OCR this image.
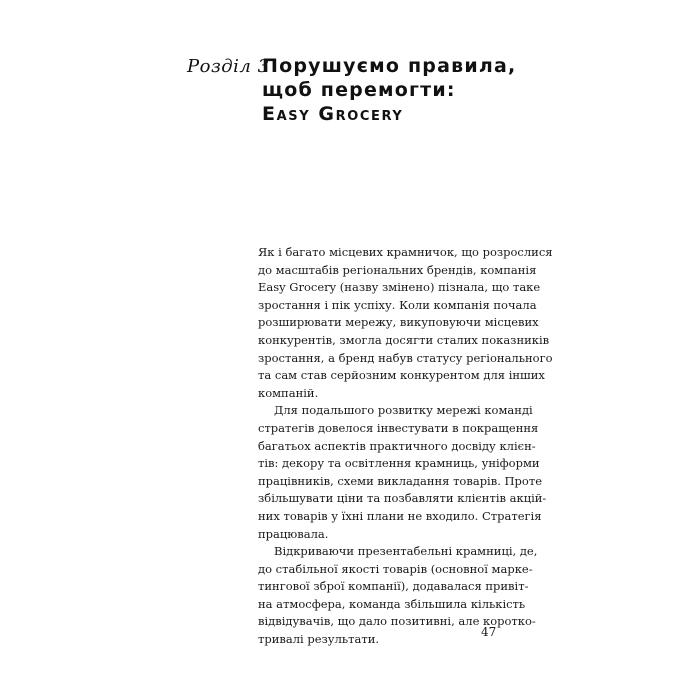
Розділ 3
Порушуємо правила,
щоб перемогти:
Easy Grocery

Як і багато місцевих крамничок, що розрослися
до масштабів регіональних брендів, компанія
Easy Grocery (назву змінено) пізнала, що таке
зростання і пік успіху. Коли компанія почала
розширювати мережу, викуповуючи місцевих
конкурентів, змогла досягти сталих показників
зростання, а бренд набув статусу регіонального
та сам став серйозним конкурентом для інших
компаній.

Для подальшого розвитку мережі команді
стратегів довелося інвестувати в покращення
багатьох аспектів практичного досвіду клієн-
тів: декору та освітлення крамниць, уніформи
працівників, схеми викладання товарів. Проте
збільшувати ціни та позбавляти клієнтів акцій-
них товарів у їхні плани не входило. Стратегія
працювала.

Відкриваючи презентабельні крамниці, де,
до стабільної якості товарів (основної марке-
тингової зброї компанії), додавалася привіт-
на атмосфера, команда збільшила кількість
відвідувачів, що дало позитивні, але коротко-
тривалі результати.

47
